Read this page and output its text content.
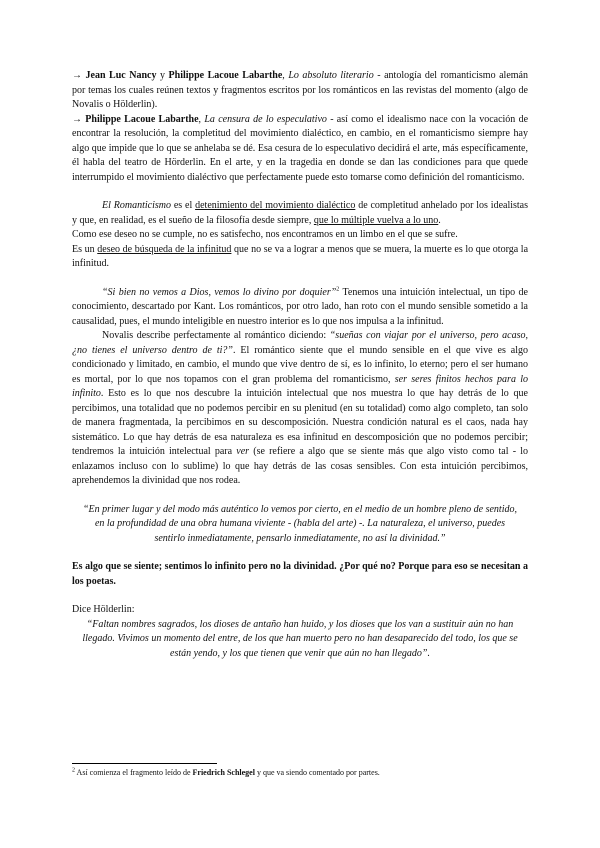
→ Jean Luc Nancy y Philippe Lacoue Labarthe, Lo absoluto literario - antología del romanticismo alemán por temas los cuales reúnen textos y fragmentos escritos por los románticos en las revistas del momento (algo de Novalis o Hölderlin).

→ Philippe Lacoue Labarthe, La censura de lo especulativo - así como el idealismo nace con la vocación de encontrar la resolución, la completitud del movimiento dialéctico, en cambio, en el romanticismo siempre hay algo que impide que lo que se anhelaba se dé. Esa cesura de lo especulativo decidirá el arte, más específicamente, él habla del teatro de Hörderlin. En el arte, y en la tragedia en donde se dan las condiciones para que quede interrumpido el movimiento dialéctivo que perfectamente puede esto tomarse como definición del romanticismo.

El Romanticismo es el detenimiento del movimiento dialéctico de completitud anhelado por los idealistas y que, en realidad, es el sueño de la filosofía desde siempre, que lo múltiple vuelva a lo uno.

Como ese deseo no se cumple, no es satisfecho, nos encontramos en un limbo en el que se sufre.

Es un deseo de búsqueda de la infinitud que no se va a lograr a menos que se muera, la muerte es lo que otorga la infinitud.

“Si bien no vemos a Dios, vemos lo divino por doquier”$^2$ Tenemos una intuición intelectual, un tipo de conocimiento, descartado por Kant. Los románticos, por otro lado, han roto con el mundo sensible sometido a la causalidad, pues, el mundo inteligible en nuestro interior es lo que nos impulsa a la infinitud.

Novalis describe perfectamente al romántico diciendo: “sueñas con viajar por el universo, pero acaso, ¿no tienes el universo dentro de ti?”. El romántico siente que el mundo sensible en el que vive es algo condicionado y limitado, en cambio, el mundo que vive dentro de sí, es lo infinito, lo eterno; pero el ser humano es mortal, por lo que nos topamos con el gran problema del romanticismo, ser seres finitos hechos para lo infinito. Esto es lo que nos descubre la intuición intelectual que nos muestra lo que hay detrás de lo que percibimos, una totalidad que no podemos percibir en su plenitud (en su totalidad) como algo completo, tan solo de manera fragmentada, la percibimos en su descomposición. Nuestra condición natural es el caos, nada hay sistemático. Lo que hay detrás de esa naturaleza es esa infinitud en descomposición que no podemos percibir; tendremos la intuición intelectual para ver (se refiere a algo que se siente más que algo visto como tal - lo enlazamos incluso con lo sublime) lo que hay detrás de las cosas sensibles. Con esta intuición percibimos, aprehendemos la divinidad que nos rodea.

“En primer lugar y del modo más auténtico lo vemos por cierto, en el medio de un hombre pleno de sentido, en la profundidad de una obra humana viviente - (habla del arte) -. La naturaleza, el universo, puedes sentirlo inmediatamente, pensarlo inmediatamente, no así la divinidad.”

Es algo que se siente; sentimos lo infinito pero no la divinidad. ¿Por qué no? Porque para eso se necesitan a los poetas.

Dice Hölderlin:

“Faltan nombres sagrados, los dioses de antaño han huido, y los dioses que los van a sustituir aún no han llegado. Vivimos un momento del entre, de los que han muerto pero no han desaparecido del todo, los que se están yendo, y los que tienen que venir que aún no han llegado”.

$^2$ Así comienza el fragmento leído de Friedrich Schlegel y que va siendo comentado por partes.
